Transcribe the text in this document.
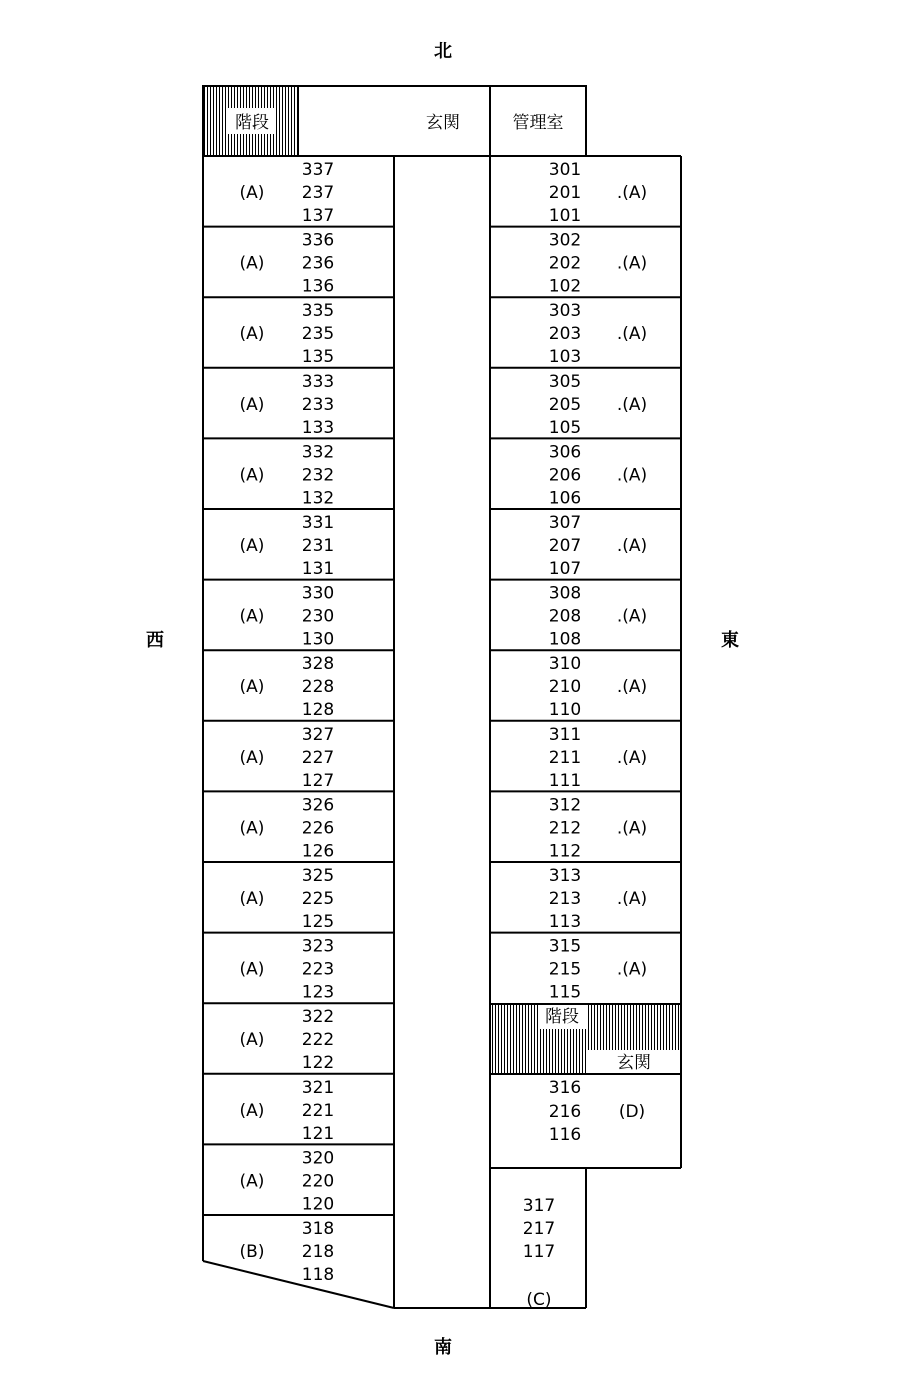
北
南
西	東
階段	玄関	管理室
階段
玄関
337
237
137
(A)
336
236
136
(A)
335
235
135
(A)
333
233
133
(A)
332
232
132
(A)
331
231
131
(A)
330
230
130
(A)
328
228
128
(A)
327
227
127
(A)
326
226
126
(A)
325
225
125
(A)
323
223
123
(A)
322
222
122
(A)
321
221
121
(A)
320
220
120
(A)
318
218
118
(B)
301
201
101
.(A)
302
202
102
.(A)
303
203
103
.(A)
305
205
105
.(A)
306
206
106
.(A)
307
207
107
.(A)
308
208
108
.(A)
310
210
110
.(A)
311
211
111
.(A)
312
212
112
.(A)
313
213
113
.(A)
315
215
115
.(A)
316
216
116
(D)
317
217
117
(C)
